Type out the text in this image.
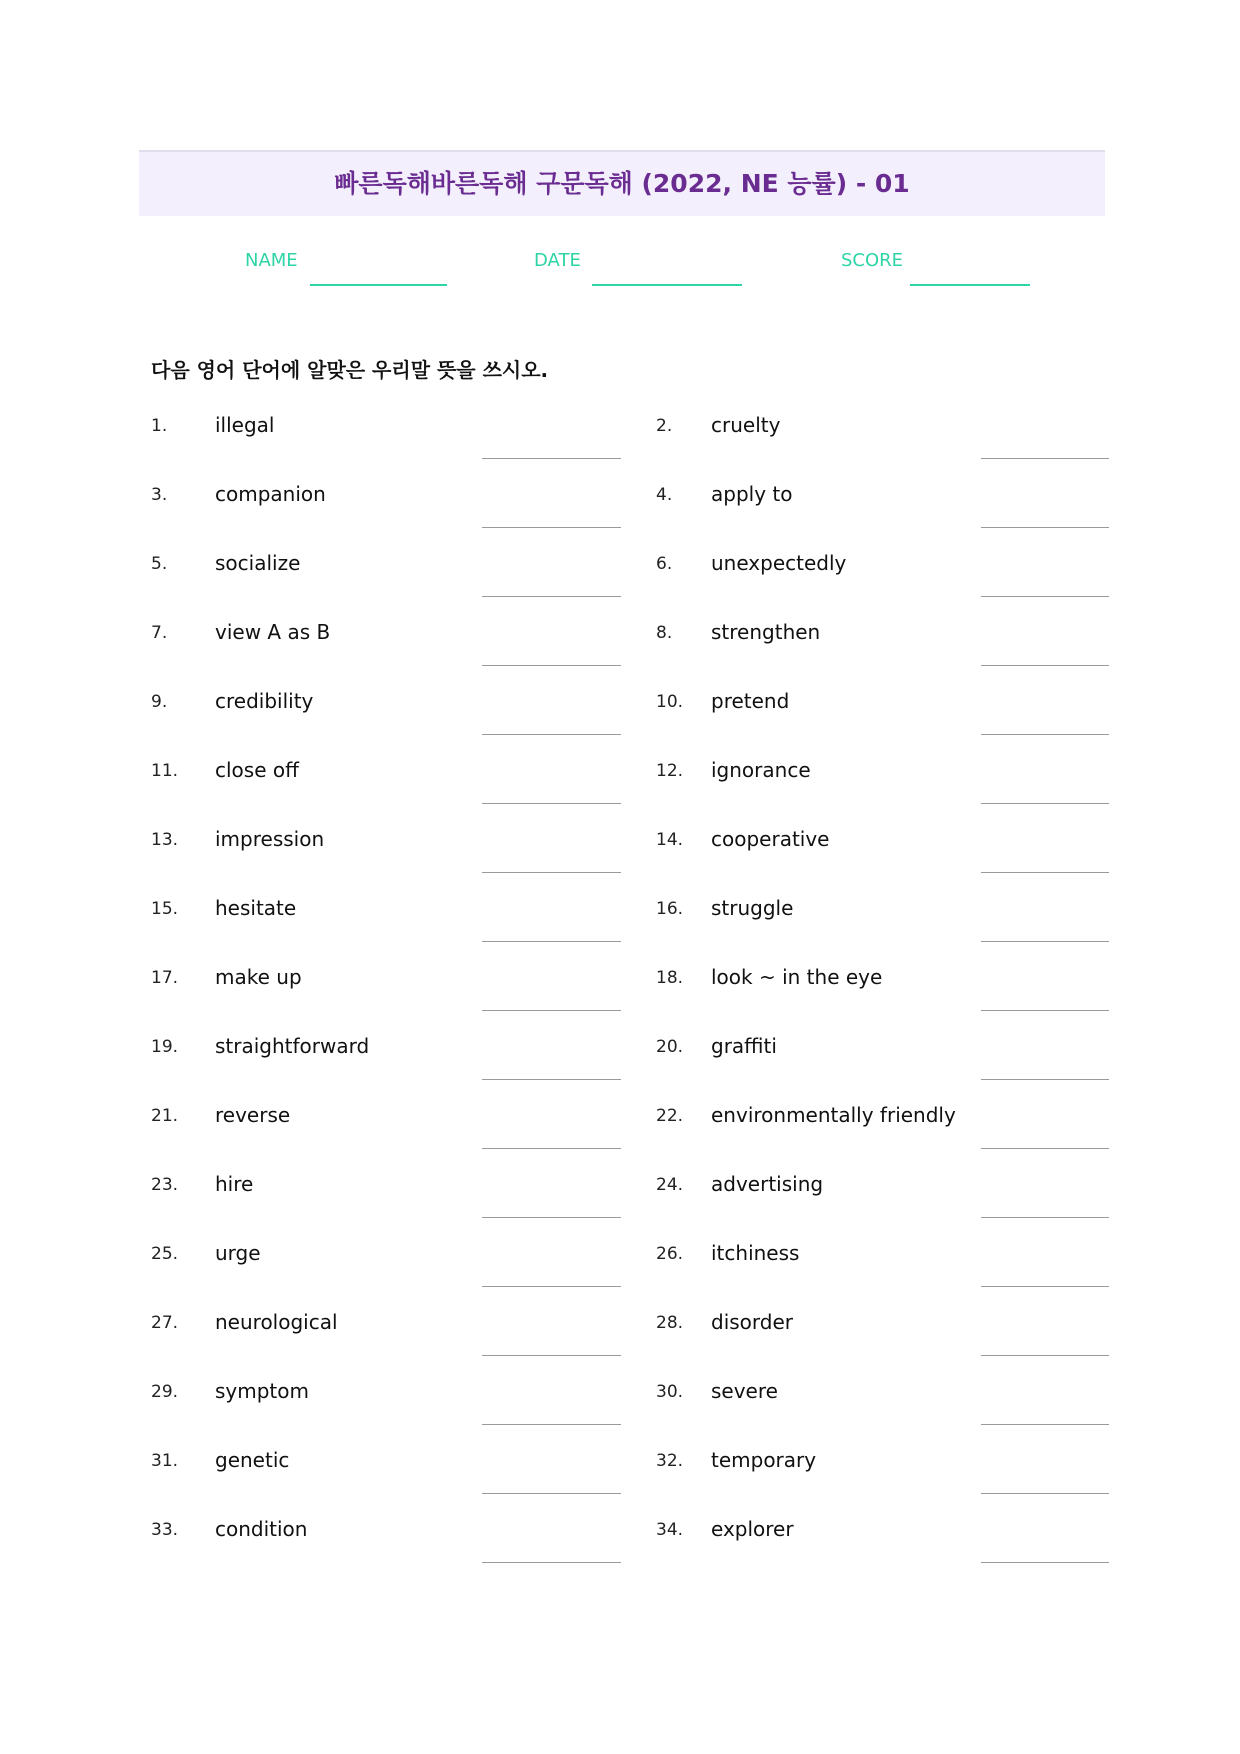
빠른독해바른독해 구문독해 (2022, NE 능률) - 01
NAME	DATE	SCORE
다음 영어 단어에 알맞은 우리말 뜻을 쓰시오.
1. illegal	2. cruelty
3. companion	4. apply to
5. socialize	6. unexpectedly
7. view A as B	8. strengthen
9. credibility	10. pretend
11. close off	12. ignorance
13. impression	14. cooperative
15. hesitate	16. struggle
17. make up	18. look ~ in the eye
19. straightforward	20. graffiti
21. reverse	22. environmentally friendly
23. hire	24. advertising
25. urge	26. itchiness
27. neurological	28. disorder
29. symptom	30. severe
31. genetic	32. temporary
33. condition	34. explorer
